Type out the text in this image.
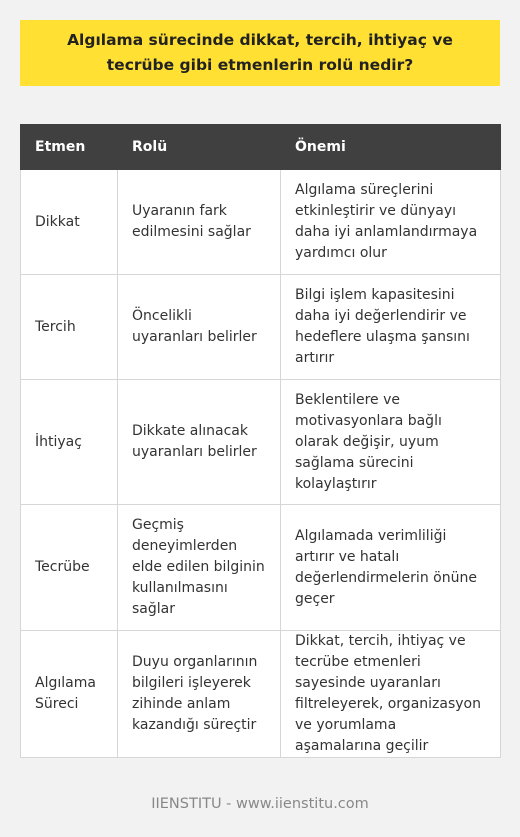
Algılama sürecinde dikkat, tercih, ihtiyaç ve tecrübe gibi etmenlerin rolü nedir?
Etmen	Rolü	Önemi
Dikkat	Uyaranın fark edilmesini sağlar	Algılama süreçlerini etkinleştirir ve dünyayı daha iyi anlamlandırmaya yardımcı olur
Tercih	Öncelikli uyaranları belirler	Bilgi işlem kapasitesini daha iyi değerlendirir ve hedeflere ulaşma şansını artırır
İhtiyaç	Dikkate alınacak uyaranları belirler	Beklentilere ve motivasyonlara bağlı olarak değişir, uyum sağlama sürecini kolaylaştırır
Tecrübe	Geçmiş deneyimlerden elde edilen bilginin kullanılmasını sağlar	Algılamada verimliliği artırır ve hatalı değerlendirmelerin önüne geçer
Algılama Süreci	Duyu organlarının bilgileri işleyerek zihinde anlam kazandığı süreçtir	Dikkat, tercih, ihtiyaç ve tecrübe etmenleri sayesinde uyaranları filtreleyerek, organizasyon ve yorumlama aşamalarına geçilir
IIENSTITU - www.iienstitu.com
